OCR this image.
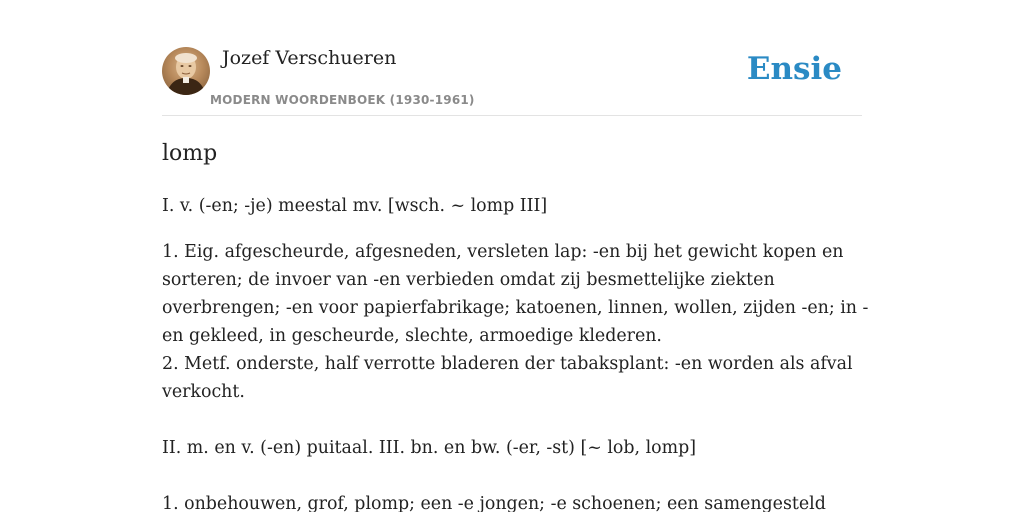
Jozef Verschueren
MODERN WOORDENBOEK (1930-1961)
Ensie
lomp

I. v. (-en; -je) meestal mv. [wsch. ~ lomp III]

1. Eig. afgescheurde, afgesneden, versleten lap: -en bij het gewicht kopen en

sorteren; de invoer van -en verbieden omdat zij besmettelijke ziekten

overbrengen; -en voor papierfabrikage; katoenen, linnen, wollen, zijden -en; in -

en gekleed, in gescheurde, slechte, armoedige klederen.

2. Metf. onderste, half verrotte bladeren der tabaksplant: -en worden als afval

verkocht.

II. m. en v. (-en) puitaal. III. bn. en bw. (-er, -st) [~ lob, lomp]

1. onbehouwen, grof, plomp; een -e jongen; -e schoenen; een samengesteld
